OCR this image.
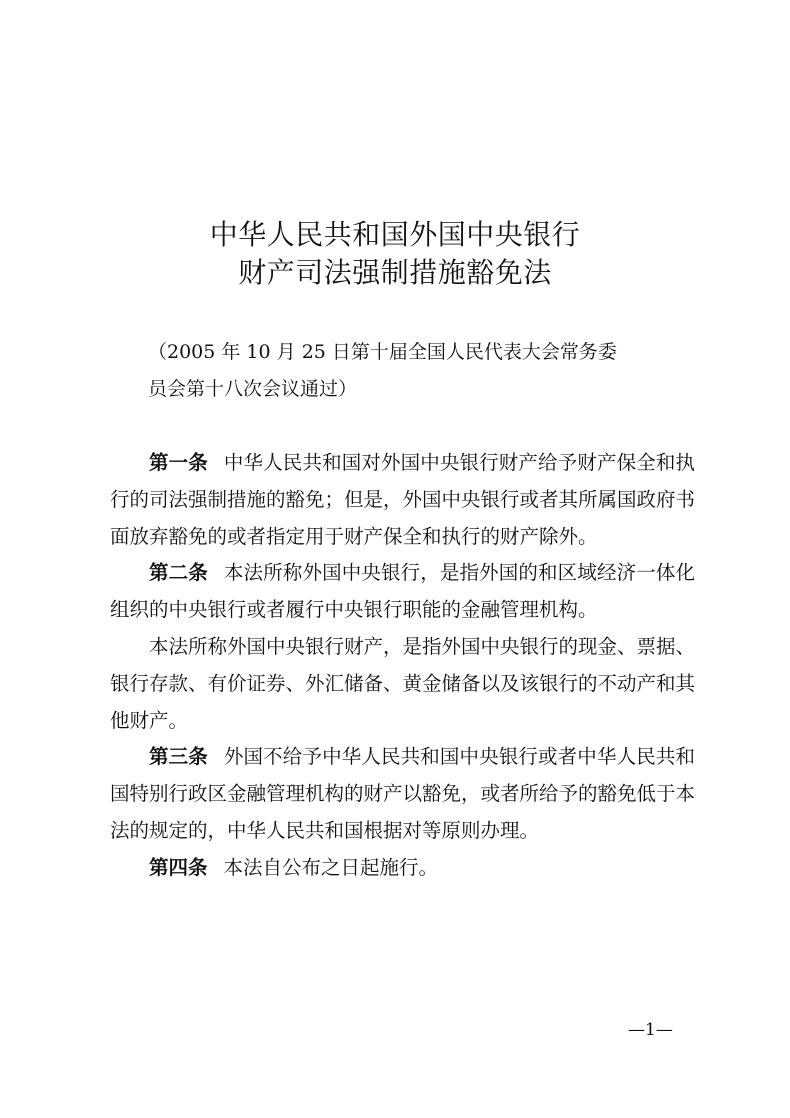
中华人民共和国外国中央银行
财产司法强制措施豁免法
（2005 年 10 月 25 日第十届全国人民代表大会常务委
员会第十八次会议通过）

第一条 中华人民共和国对外国中央银行财产给予财产保全和执行的司法强制措施的豁免；但是，外国中央银行或者其所属国政府书面放弃豁免的或者指定用于财产保全和执行的财产除外。

第二条 本法所称外国中央银行，是指外国的和区域经济一体化组织的中央银行或者履行中央银行职能的金融管理机构。

本法所称外国中央银行财产，是指外国中央银行的现金、票据、银行存款、有价证券、外汇储备、黄金储备以及该银行的不动产和其他财产。

第三条 外国不给予中华人民共和国中央银行或者中华人民共和国特别行政区金融管理机构的财产以豁免，或者所给予的豁免低于本法的规定的，中华人民共和国根据对等原则办理。

第四条 本法自公布之日起施行。

—1—
